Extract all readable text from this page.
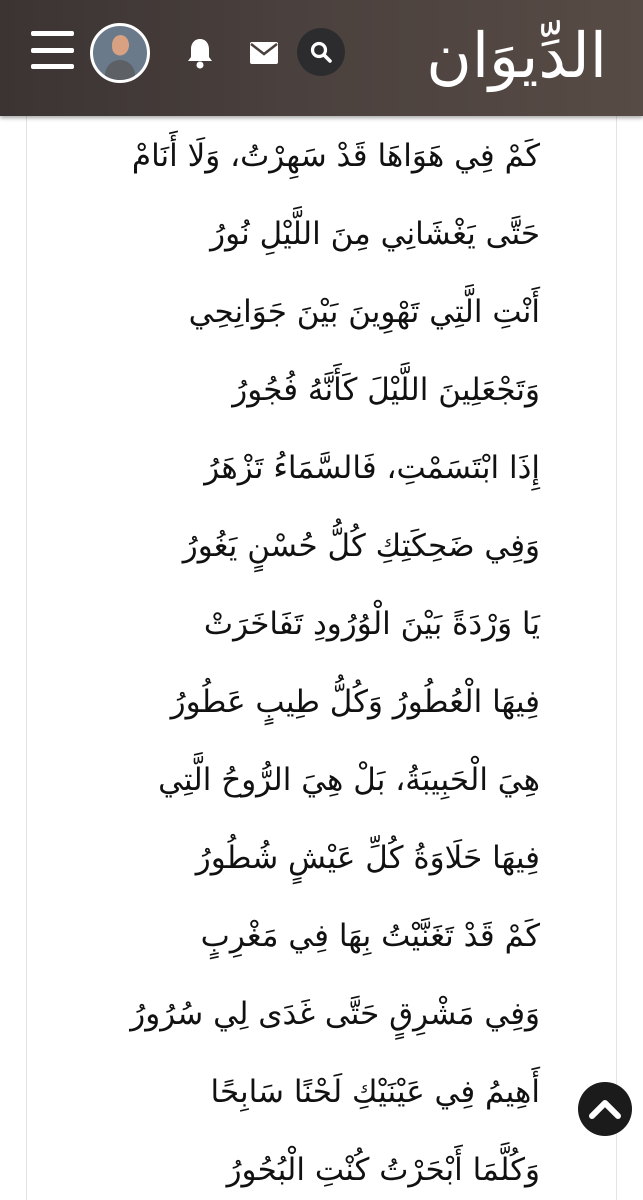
الدِّيوَان
كَمْ فِي هَوَاهَا قَدْ سَهِرْتُ، وَلَا أَنَامْ
حَتَّى يَغْشَانِي مِنَ اللَّيْلِ نُورُ
أَنْتِ الَّتِي تَهْوِينَ بَيْنَ جَوَانِحِي
وَتَجْعَلِينَ اللَّيْلَ كَأَنَّهُ فُجُورُ
إِذَا ابْتَسَمْتِ، فَالسَّمَاءُ تَزْهَرُ
وَفِي ضَحِكَتِكِ كُلُّ حُسْنٍ يَغُورُ
يَا وَرْدَةً بَيْنَ الْوُرُودِ تَفَاخَرَتْ
فِيهَا الْعُطُورُ وَكُلُّ طِيبٍ عَطُورُ
هِيَ الْحَبِيبَةُ، بَلْ هِيَ الرُّوحُ الَّتِي
فِيهَا حَلَاوَةُ كُلِّ عَيْشٍ شُطُورُ
كَمْ قَدْ تَغَنَّيْتُ بِهَا فِي مَغْرِبٍ
وَفِي مَشْرِقٍ حَتَّى غَدَى لِي سُرُورُ
أَهِيمُ فِي عَيْنَيْكِ لَحْنًا سَابِحًا
وَكُلَّمَا أَبْحَرْتُ كُنْتِ الْبُحُورُ
